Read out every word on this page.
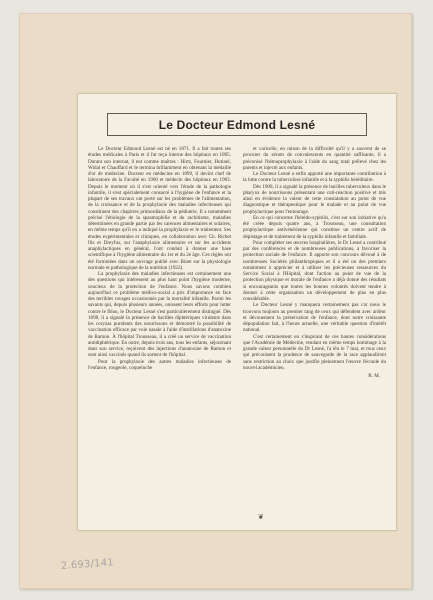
Le Docteur Edmond Lesné

Le Docteur Edmond Lesné est né en 1871. Il a fait toutes ses études médicales à Paris et il fut reçu interne des hôpitaux en 1895. Durant son internat, il eut comme maîtres : Hirtz, Fournier, Hutinel, Widal et Chauffard et le termina brillamment en obtenant la médaille d'or de médecine. Docteur en médecine en 1899, il devint chef de laboratoire de la Faculté en 1900 et médecin des hôpitaux en 1903. Depuis le moment où il s'est orienté vers l'étude de la pathologie infantile, il s'est spécialement consacré à l'hygiène de l'enfance et la plupart de ses travaux ont porté sur les problèmes de l'alimentation, de la croissance et de la prophylaxie des maladies infectieuses qui constituent des chapitres primordiaux de la pédiatrie. Il a notamment précisé l'étiologie de la spasmophilie et du rachitisme, maladies déterminées en grande partie par les carences alimentaires et solaires, en même temps qu'il en a indiqué la prophylaxie et le traitement. Ses études expérimentales et cliniques, en collaboration avec Ch. Richet fils et Dreyfus, sur l'anaphylaxie alimentaire et sur les accidents anaphylactiques en général, l'ont conduit à donner une base scientifique à l'hygiène alimentaire du 1er et du 2e âge. Ces règles ont été formulées dans un ouvrage publié avec Binet sur la physiologie normale et pathologique de la nutrition (1922).

La prophylaxie des maladies infectieuses est certainement une des questions qui intéressent au plus haut point l'hygiène moderne, soucieux de la protection de l'enfance. Nous savons combien aujourd'hui ce problème médico-social a pris d'importance en face des terribles ravages occasionnés par la mortalité infantile. Parmi les savants qui, depuis plusieurs années, unissent leurs efforts pour lutter contre le fléau, le Docteur Lesné s'est particulièrement distingué. Dès 1898, il a signalé la présence de bacilles diphtériques virulents dans les coryzas purulents des nourrissons et démontré la possibilité de vaccination efficace par voie nasale à l'aide d'instillations d'anatoxine de Ramon. À l'hôpital Trousseau, il a créé un service de vaccination antidiphtérique. En outre, depuis trois ans, tous les enfants, séjournant dans son service, reçoivent des injections d'anatoxine de Ramon et sont ainsi vaccinés quand ils sortent de l'hôpital.

Pour la prophylaxie des autres maladies infectieuses de l'enfance, rougeole, coqueluche

et varicelle, en raison de la difficulté qu'il y a souvent de se procurer du sérum de convalescents en quantité suffisante, il a préconisé l'hémoprophylaxie à l'aide du sang total prélevé chez les parents et injecté aux enfants.

Le Docteur Lesné a enfin apporté une importante contribution à la lutte contre la tuberculose infantile et à la syphilis héréditaire.

Dès 1908, il a signalé la présence de bacilles tuberculeux dans le pharynx de nourrissons présentant une cuti-réaction positive et mis ainsi en évidence la valeur de cette constatation au point de vue diagnostique et thérapeutique pour le malade et au point de vue prophylactique pour l'entourage.

En ce qui concerne l'hérédo-syphilis, c'est sur son initiative qu'a été créée depuis quatre ans, à Trousseau, une consultation prophylactique antivénérienne qui constitue un centre actif de dépistage et de traitement de la syphilis infantile et familiale.

Pour compléter ses œuvres hospitalières, le Dr Lesné a contribué par des conférences et de nombreuses publications, à favoriser la protection sociale de l'enfance. Il apporte son concours dévoué à de nombreuses Sociétés philanthropiques et il a été un des premiers notamment à apprécier et à utiliser les précieuses ressources du Service Social à l'Hôpital, dont l'action au point de vue de la protection physique et morale de l'enfance a déjà donné des résultats si encourageants que toutes les bonnes volontés doivent tendre à donner à cette organisation un développement de plus en plus considérable.

Le Docteur Lesné y manquera certainement pas car nous le trouvons toujours au premier rang de ceux qui défendent avec ardeur et dévouement la préservation de l'enfance, dont notre croissante dépopulation fait, à l'heure actuelle, une véritable question d'intérêt national.

C'est certainement en s'inspirant de ces hautes considérations que l'Académie de Médecine, rendant en même temps hommage à la grande valeur personnelle du Dr Lesné, l'a élu le 7 mai, et tous ceux qui préconisent la prudence de sauvegarde de la race applaudiront sans restriction au choix que justifie pleinement l'œuvre féconde du nouvel académicien.

R. M.

❦
2.693/141
